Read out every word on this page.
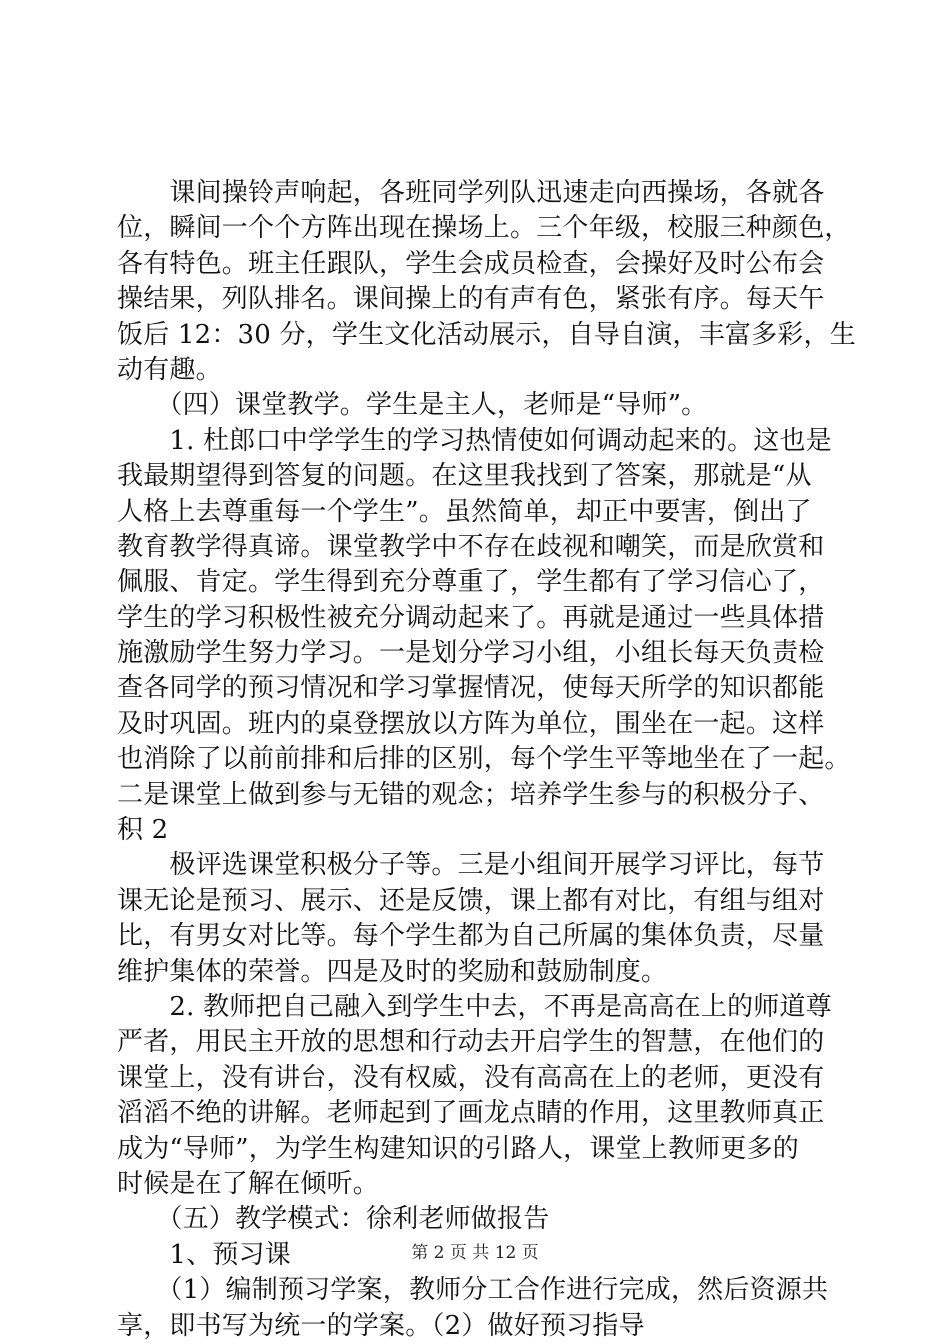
　　课间操铃声响起，各班同学列队迅速走向西操场，各就各
位，瞬间一个个方阵出现在操场上。三个年级，校服三种颜色，
各有特色。班主任跟队，学生会成员检查，会操好及时公布会
操结果，列队排名。课间操上的有声有色，紧张有序。每天午
饭后 12：30 分，学生文化活动展示，自导自演，丰富多彩，生
动有趣。
　　（四）课堂教学。学生是主人，老师是“导师”。
　　1. 杜郎口中学学生的学习热情使如何调动起来的。这也是
我最期望得到答复的问题。在这里我找到了答案，那就是“从
人格上去尊重每一个学生”。虽然简单，却正中要害，倒出了
教育教学得真谛。课堂教学中不存在歧视和嘲笑，而是欣赏和
佩服、肯定。学生得到充分尊重了，学生都有了学习信心了，
学生的学习积极性被充分调动起来了。再就是通过一些具体措
施激励学生努力学习。一是划分学习小组，小组长每天负责检
查各同学的预习情况和学习掌握情况，使每天所学的知识都能
及时巩固。班内的桌登摆放以方阵为单位，围坐在一起。这样
也消除了以前前排和后排的区别，每个学生平等地坐在了一起。
二是课堂上做到参与无错的观念；培养学生参与的积极分子、
积 2
　　极评选课堂积极分子等。三是小组间开展学习评比，每节
课无论是预习、展示、还是反馈，课上都有对比，有组与组对
比，有男女对比等。每个学生都为自己所属的集体负责，尽量
维护集体的荣誉。四是及时的奖励和鼓励制度。
　　2. 教师把自己融入到学生中去，不再是高高在上的师道尊
严者，用民主开放的思想和行动去开启学生的智慧，在他们的
课堂上，没有讲台，没有权威，没有高高在上的老师，更没有
滔滔不绝的讲解。老师起到了画龙点睛的作用，这里教师真正
成为“导师”，为学生构建知识的引路人，课堂上教师更多的
时候是在了解在倾听。
　　（五）教学模式：徐利老师做报告
　　1、预习课
　　（1）编制预习学案，教师分工合作进行完成，然后资源共
享，即书写为统一的学案。（2）做好预习指导
第 2 页 共 12 页
